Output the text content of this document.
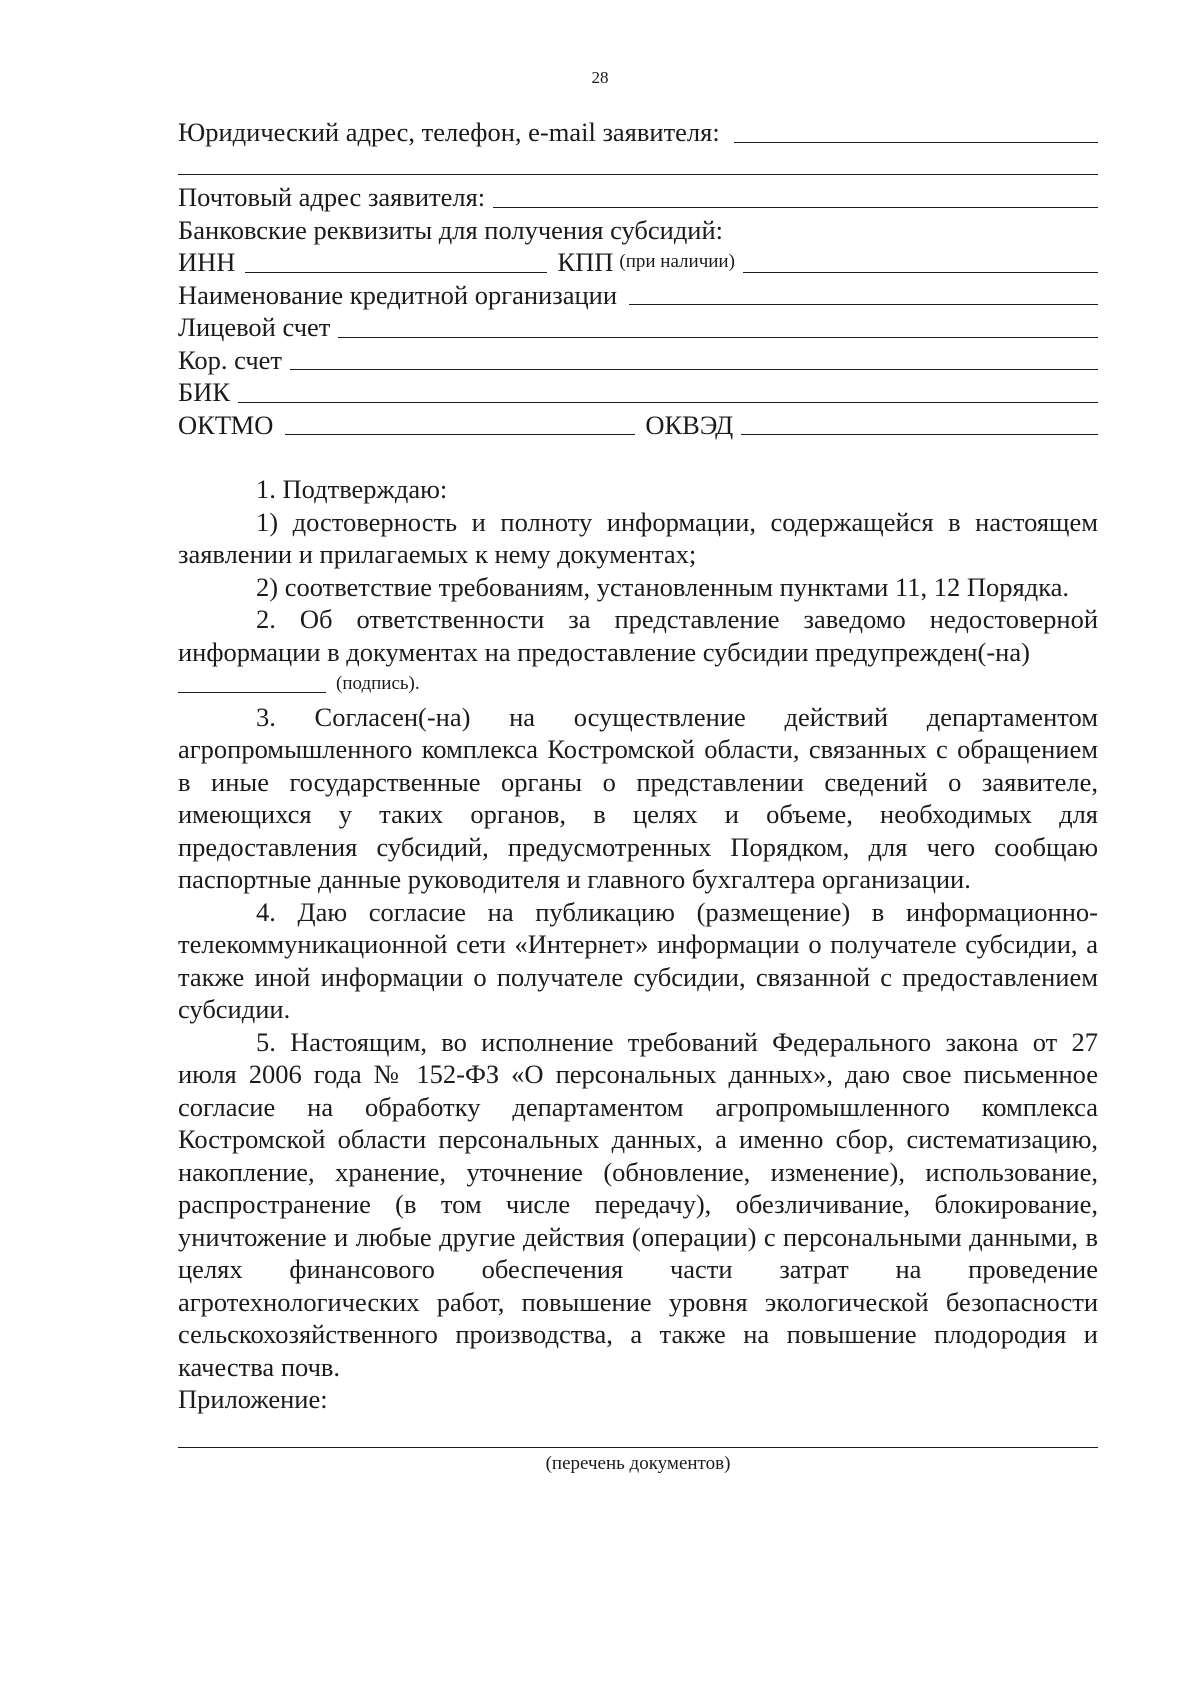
28
Юридический адрес, телефон, e-mail заявителя:
Почтовый адрес заявителя:
Банковские реквизиты для получения субсидий:
ИНН	КПП (при наличии)
Наименование кредитной организации
Лицевой счет
Кор. счет
БИК
ОКТМО	ОКВЭД

1. Подтверждаю:

1) достоверность и полноту информации, содержащейся в настоящем заявлении и прилагаемых к нему документах;

2) соответствие требованиям, установленным пунктами 11, 12 Порядка.

2. Об ответственности за представление заведомо недостоверной информации в документах на предоставление субсидии предупрежден(-на)

(подпись).

3. Согласен(-на) на осуществление действий департаментом агропромышленного комплекса Костромской области, связанных с обращением в иные государственные органы о представлении сведений о заявителе, имеющихся у таких органов, в целях и объеме, необходимых для предоставления субсидий, предусмотренных Порядком, для чего сообщаю паспортные данные руководителя и главного бухгалтера организации.

4. Даю согласие на публикацию (размещение) в информационно-телекоммуникационной сети «Интернет» информации о получателе субсидии, а также иной информации о получателе субсидии, связанной с предоставлением субсидии.

5. Настоящим, во исполнение требований Федерального закона от 27 июля 2006 года № 152-ФЗ «О персональных данных», даю свое письменное согласие на обработку департаментом агропромышленного комплекса Костромской области персональных данных, а именно сбор, систематизацию, накопление, хранение, уточнение (обновление, изменение), использование, распространение (в том числе передачу), обезличивание, блокирование, уничтожение и любые другие действия (операции) с персональными данными, в целях финансового обеспечения части затрат на проведение агротехнологических работ, повышение уровня экологической безопасности сельскохозяйственного производства, а также на повышение плодородия и качества почв.

Приложение:

(перечень документов)
